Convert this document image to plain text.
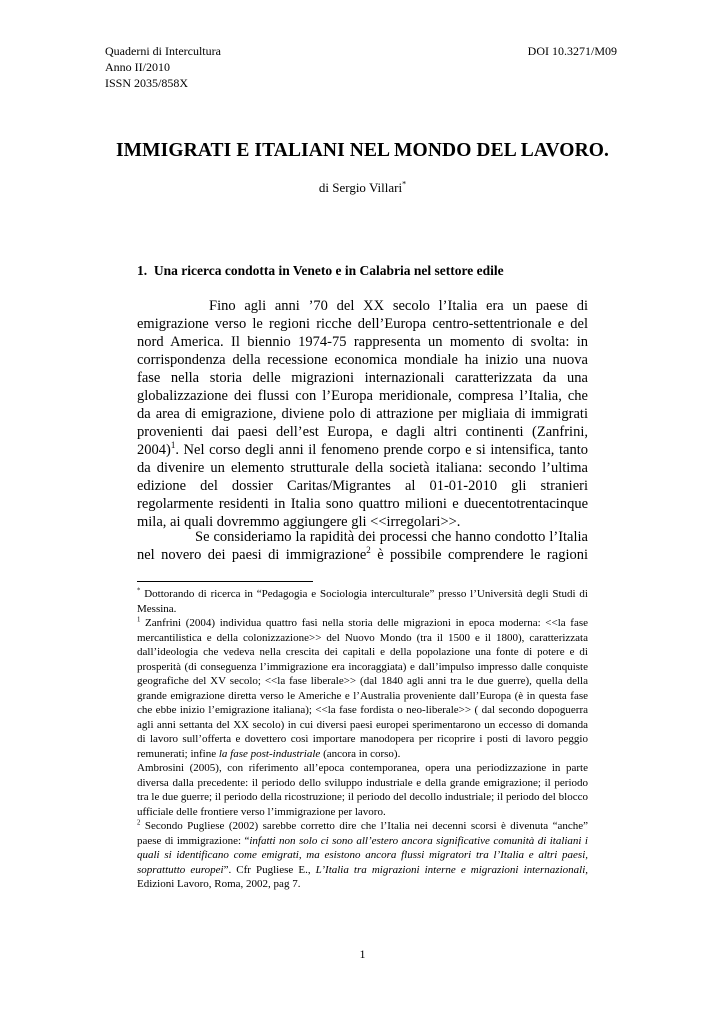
Quaderni di Intercultura
Anno II/2010
ISSN 2035/858X
DOI 10.3271/M09
IMMIGRATI E ITALIANI NEL MONDO DEL LAVORO.
di Sergio Villari*
1. Una ricerca condotta in Veneto e in Calabria nel settore edile
Fino agli anni ’70 del XX secolo l’Italia era un paese di
emigrazione verso le regioni ricche dell’Europa centro-settentrionale e del
nord America. Il biennio 1974-75 rappresenta un momento di svolta: in
corrispondenza della recessione economica mondiale ha inizio una nuova
fase nella storia delle migrazioni internazionali caratterizzata da una
globalizzazione dei flussi con l’Europa meridionale, compresa l’Italia, che
da area di emigrazione, diviene polo di attrazione per migliaia di immigrati
provenienti dai paesi dell’est Europa, e dagli altri continenti (Zanfrini,
2004)$^1$. Nel corso degli anni il fenomeno prende corpo e si intensifica, tanto
da divenire un elemento strutturale della società italiana: secondo l’ultima
edizione del dossier Caritas/Migrantes al 01-01-2010 gli stranieri
regolarmente residenti in Italia sono quattro milioni e duecentotrentacinque
mila, ai quali dovremmo aggiungere gli <<irregolari>>.
Se consideriamo la rapidità dei processi che hanno condotto l’Italia
nel novero dei paesi di immigrazione$^2$ è possibile comprendere le ragioni

* Dottorando di ricerca in “Pedagogia e Sociologia interculturale” presso l’Università degli Studi di Messina.

$^1$ Zanfrini (2004) individua quattro fasi nella storia delle migrazioni in epoca moderna: <<la fase mercantilistica e della colonizzazione>> del Nuovo Mondo (tra il 1500 e il 1800), caratterizzata dall’ideologia che vedeva nella crescita dei capitali e della popolazione una fonte di potere e di prosperità (di conseguenza l’immigrazione era incoraggiata) e dall’impulso impresso dalle conquiste geografiche del XV secolo; <<la fase liberale>> (dal 1840 agli anni tra le due guerre), quella della grande emigrazione diretta verso le Americhe e l’Australia proveniente dall’Europa (è in questa fase che ebbe inizio l’emigrazione italiana); <<la fase fordista o neo-liberale>> ( dal secondo dopoguerra agli anni settanta del XX secolo) in cui diversi paesi europei sperimentarono un eccesso di domanda di lavoro sull’offerta e dovettero così importare manodopera per ricoprire i posti di lavoro peggio remunerati; infine la fase post-industriale (ancora in corso).

Ambrosini (2005), con riferimento all’epoca contemporanea, opera una periodizzazione in parte diversa dalla precedente: il periodo dello sviluppo industriale e della grande emigrazione; il periodo tra le due guerre; il periodo della ricostruzione; il periodo del decollo industriale; il periodo del blocco ufficiale delle frontiere verso l’immigrazione per lavoro.

$^2$ Secondo Pugliese (2002) sarebbe corretto dire che l’Italia nei decenni scorsi è divenuta “anche” paese di immigrazione: “infatti non solo ci sono all’estero ancora significative comunità di italiani i quali si identificano come emigrati, ma esistono ancora flussi migratori tra l’Italia e altri paesi, soprattutto europei”. Cfr Pugliese E., L’Italia tra migrazioni interne e migrazioni internazionali, Edizioni Lavoro, Roma, 2002, pag 7.

1
